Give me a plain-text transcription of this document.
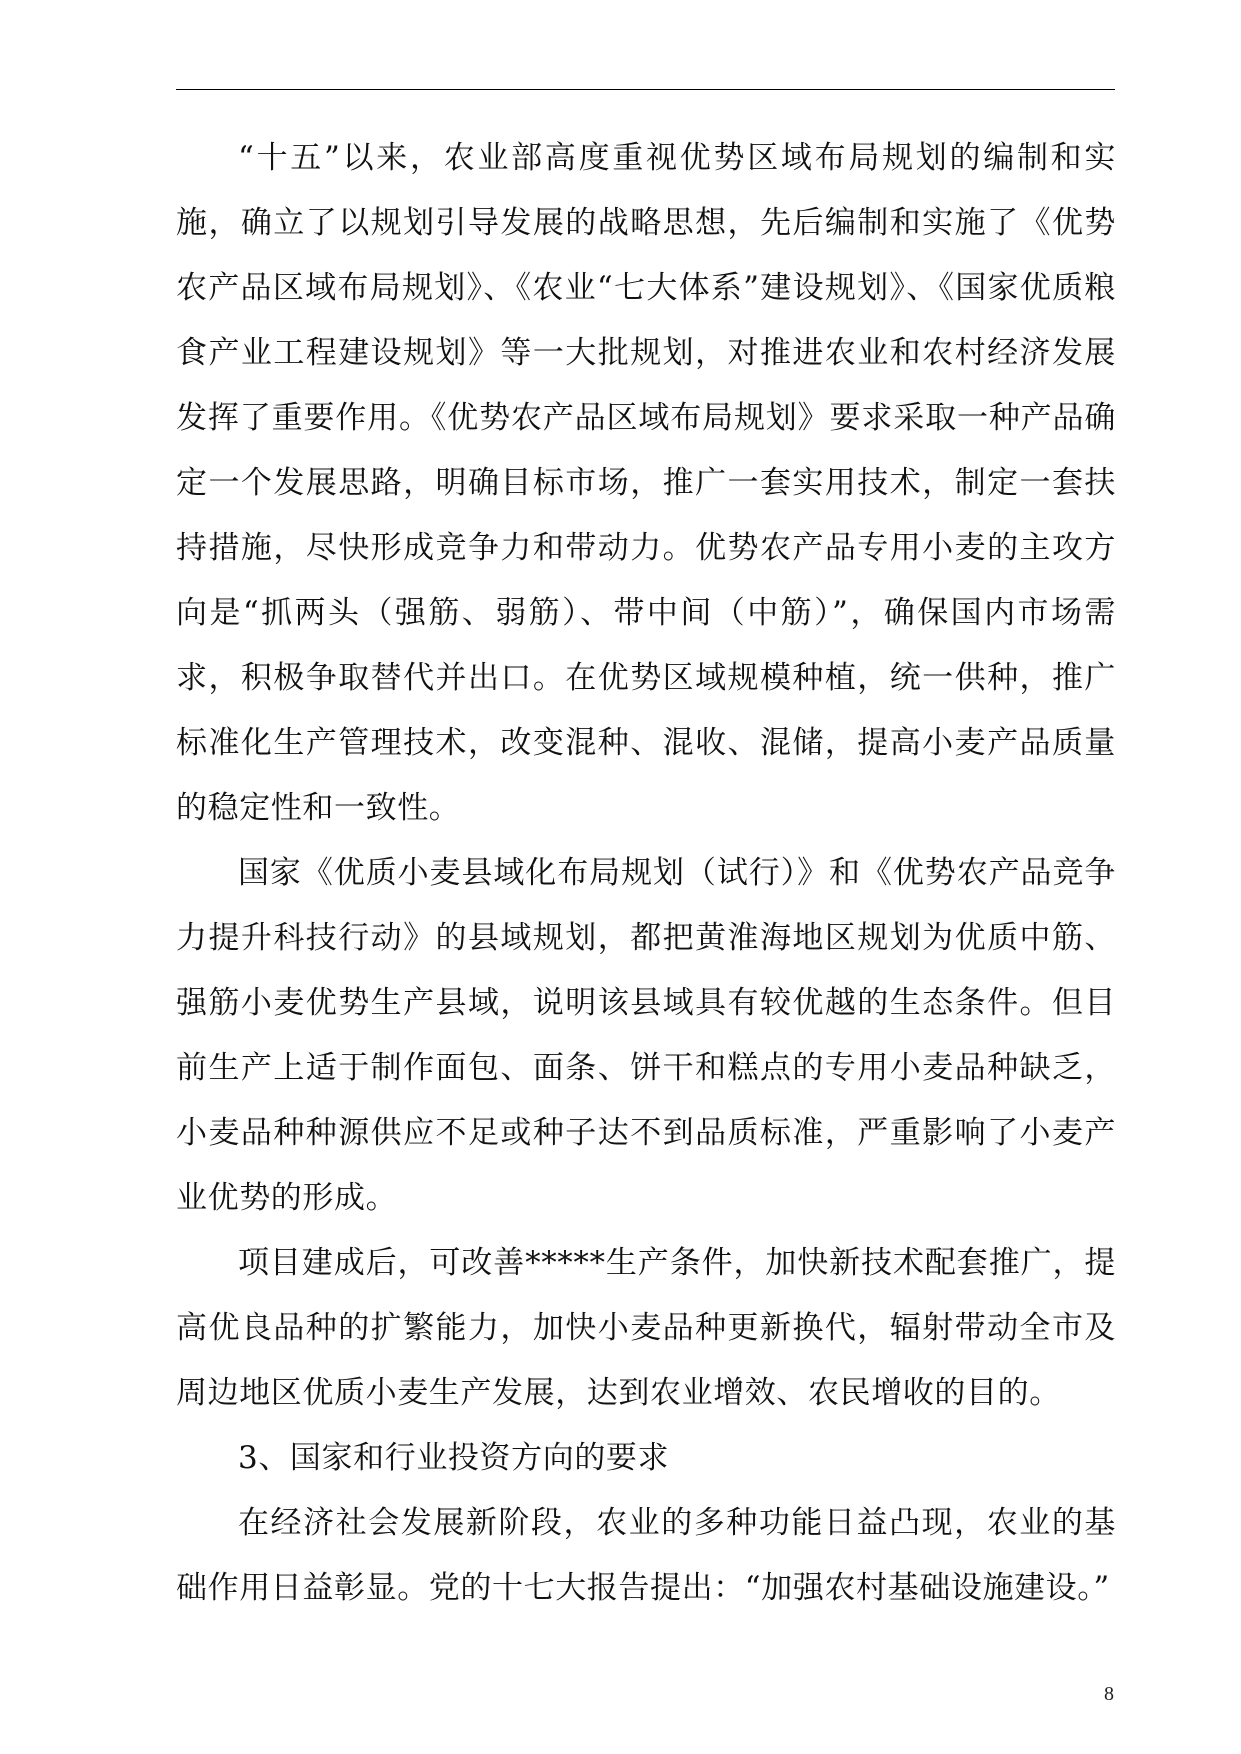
“十五”以来，农业部高度重视优势区域布局规划的编制和实施，确立了以规划引导发展的战略思想，先后编制和实施了《优势农产品区域布局规划》、《农业“七大体系”建设规划》、《国家优质粮食产业工程建设规划》等一大批规划，对推进农业和农村经济发展发挥了重要作用。《优势农产品区域布局规划》要求采取一种产品确定一个发展思路，明确目标市场，推广一套实用技术，制定一套扶持措施，尽快形成竞争力和带动力。优势农产品专用小麦的主攻方向是“抓两头（强筋、弱筋）、带中间（中筋）”，确保国内市场需求，积极争取替代并出口。在优势区域规模种植，统一供种，推广标准化生产管理技术，改变混种、混收、混储，提高小麦产品质量的稳定性和一致性。

国家《优质小麦县域化布局规划（试行）》和《优势农产品竞争力提升科技行动》的县域规划，都把黄淮海地区规划为优质中筋、强筋小麦优势生产县域，说明该县域具有较优越的生态条件。但目前生产上适于制作面包、面条、饼干和糕点的专用小麦品种缺乏，小麦品种种源供应不足或种子达不到品质标准，严重影响了小麦产业优势的形成。

项目建成后，可改善*****生产条件，加快新技术配套推广，提高优良品种的扩繁能力，加快小麦品种更新换代，辐射带动全市及周边地区优质小麦生产发展，达到农业增效、农民增收的目的。

3、国家和行业投资方向的要求

在经济社会发展新阶段，农业的多种功能日益凸现，农业的基础作用日益彰显。党的十七大报告提出：“加强农村基础设施建设。”

8
